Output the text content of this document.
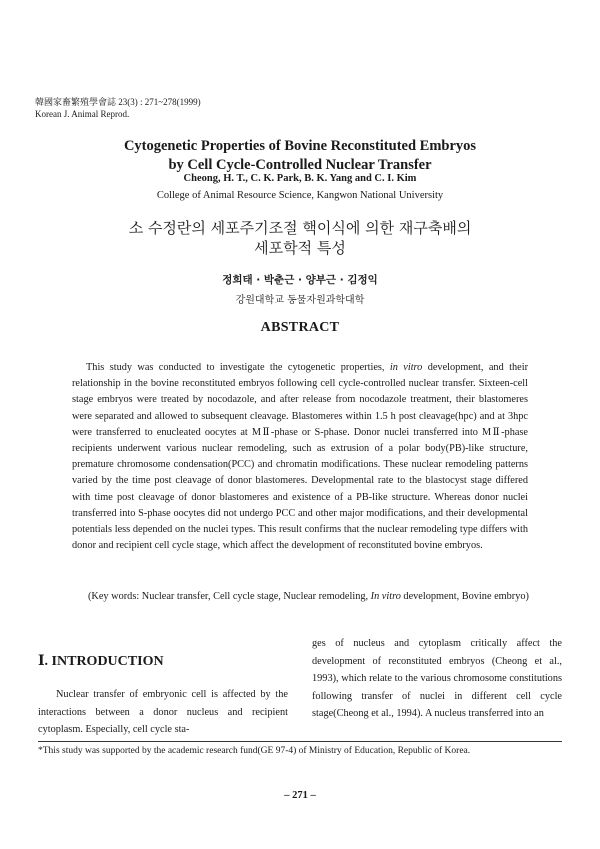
韓國家畜繁殖學會誌 23(3) : 271~278(1999)
Korean J. Animal Reprod.
Cytogenetic Properties of Bovine Reconstituted Embryos
by Cell Cycle-Controlled Nuclear Transfer
Cheong, H. T., C. K. Park, B. K. Yang and C. I. Kim
College of Animal Resource Science, Kangwon National University
소 수정란의 세포주기조절 핵이식에 의한 재구축배의
세포학적 특성
정희태 · 박춘근 · 양부근 · 김정익
강원대학교 동물자원과학대학
ABSTRACT
This study was conducted to investigate the cytogenetic properties, in vitro development, and their relationship in the bovine reconstituted embryos following cell cycle-controlled nuclear transfer. Sixteen-cell stage embryos were treated by nocodazole, and after release from nocodazole treatment, their blastomeres were separated and allowed to subsequent cleavage. Blastomeres within 1.5 h post cleavage(hpc) and at 3hpc were transferred to enucleated oocytes at MⅡ-phase or S-phase. Donor nuclei transferred into MⅡ-phase recipients underwent various nuclear remodeling, such as extrusion of a polar body(PB)-like structure, premature chromosome condensation(PCC) and chromatin modifications. These nuclear remodeling patterns varied by the time post cleavage of donor blastomeres. Developmental rate to the blastocyst stage differed with time post cleavage of donor blastomeres and existence of a PB-like structure. Whereas donor nuclei transferred into S-phase oocytes did not undergo PCC and other major modifications, and their developmental potentials less depended on the nuclei types. This result confirms that the nuclear remodeling type differs with donor and recipient cell cycle stage, which affect the development of reconstituted bovine embryos.
(Key words: Nuclear transfer, Cell cycle stage, Nuclear remodeling, In vitro development, Bovine embryo)
Ⅰ. INTRODUCTION
Nuclear transfer of embryonic cell is affected by the interactions between a donor nucleus and recipient cytoplasm. Especially, cell cycle sta-
ges of nucleus and cytoplasm critically affect the development of reconstituted embryos (Cheong et al., 1993), which relate to the various chromosome constitutions following transfer of nuclei in different cell cycle stage(Cheong et al., 1994). A nucleus transferred into an
*This study was supported by the academic research fund(GE 97-4) of Ministry of Education, Republic of Korea.
– 271 –
